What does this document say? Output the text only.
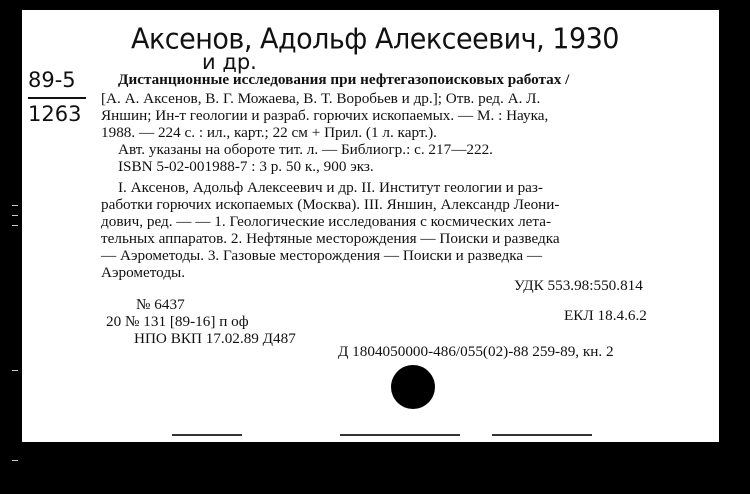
Аксенов, Адольф Алексеевич, 1930
и др.
89-5
1263
Дистанционные исследования при нефтегазопоисковых работах /
[А. А. Аксенов, В. Г. Можаева, В. Т. Воробьев и др.]; Отв. ред. А. Л.
Яншин; Ин-т геологии и разраб. горючих ископаемых. — М. : Наука,
1988. — 224 с. : ил., карт.; 22 см + Прил. (1 л. карт.).
Авт. указаны на обороте тит. л. — Библиогр.: с. 217—222.
ISBN 5-02-001988-7 : 3 р. 50 к., 900 экз.
I. Аксенов, Адольф Алексеевич и др. II. Институт геологии и раз-
работки горючих ископаемых (Москва). III. Яншин, Александр Леони-
дович, ред. — — 1. Геологические исследования с космических лета-
тельных аппаратов. 2. Нефтяные месторождения — Поиски и разведка
— Аэрометоды. 3. Газовые месторождения — Поиски и разведка —
Аэрометоды.
УДК 553.98:550.814
№ 6437
20 № 131 [89-16] п оф	ЕКЛ 18.4.6.2
НПО ВКП 17.02.89 Д487
Д 1804050000-486/055(02)-88 259-89, кн. 2
